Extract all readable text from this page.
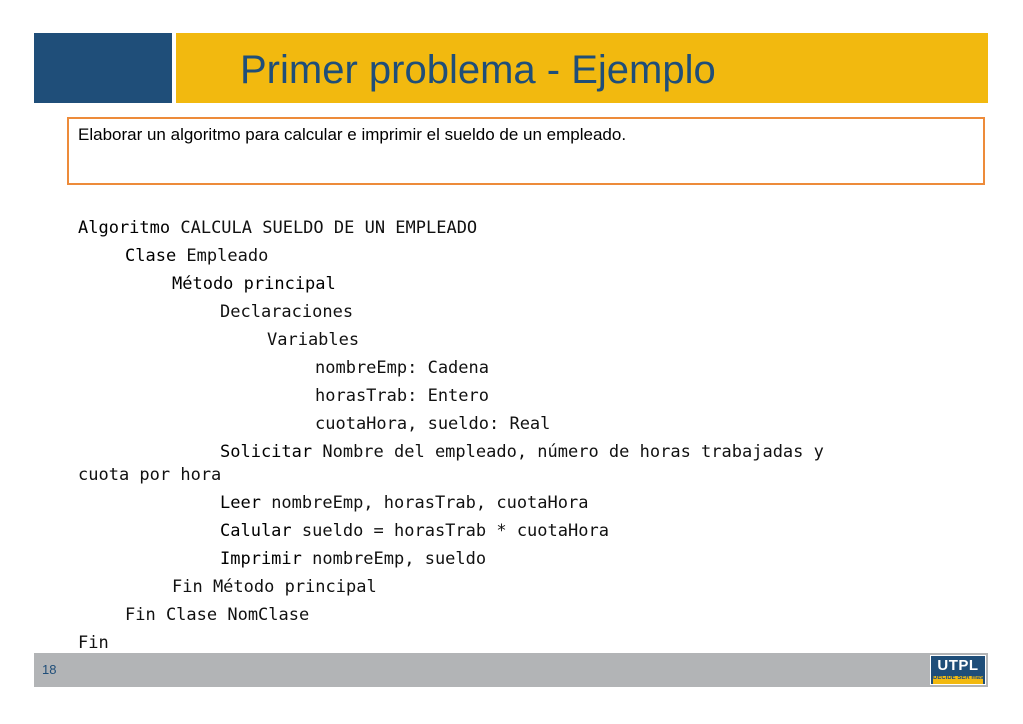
Primer problema - Ejemplo
Elaborar un algoritmo para calcular e imprimir el sueldo de un empleado.
Algoritmo CALCULA SUELDO DE UN EMPLEADO
Clase Empleado
Método principal
Declaraciones
Variables
nombreEmp: Cadena
horasTrab: Entero
cuotaHora, sueldo: Real
Solicitar Nombre del empleado, número de horas trabajadas y
cuota por hora
Leer nombreEmp, horasTrab, cuotaHora
Calular sueldo = horasTrab * cuotaHora
Imprimir nombreEmp, sueldo
Fin Método principal
Fin Clase NomClase
Fin
18	UTPL
DECIDE SER más
